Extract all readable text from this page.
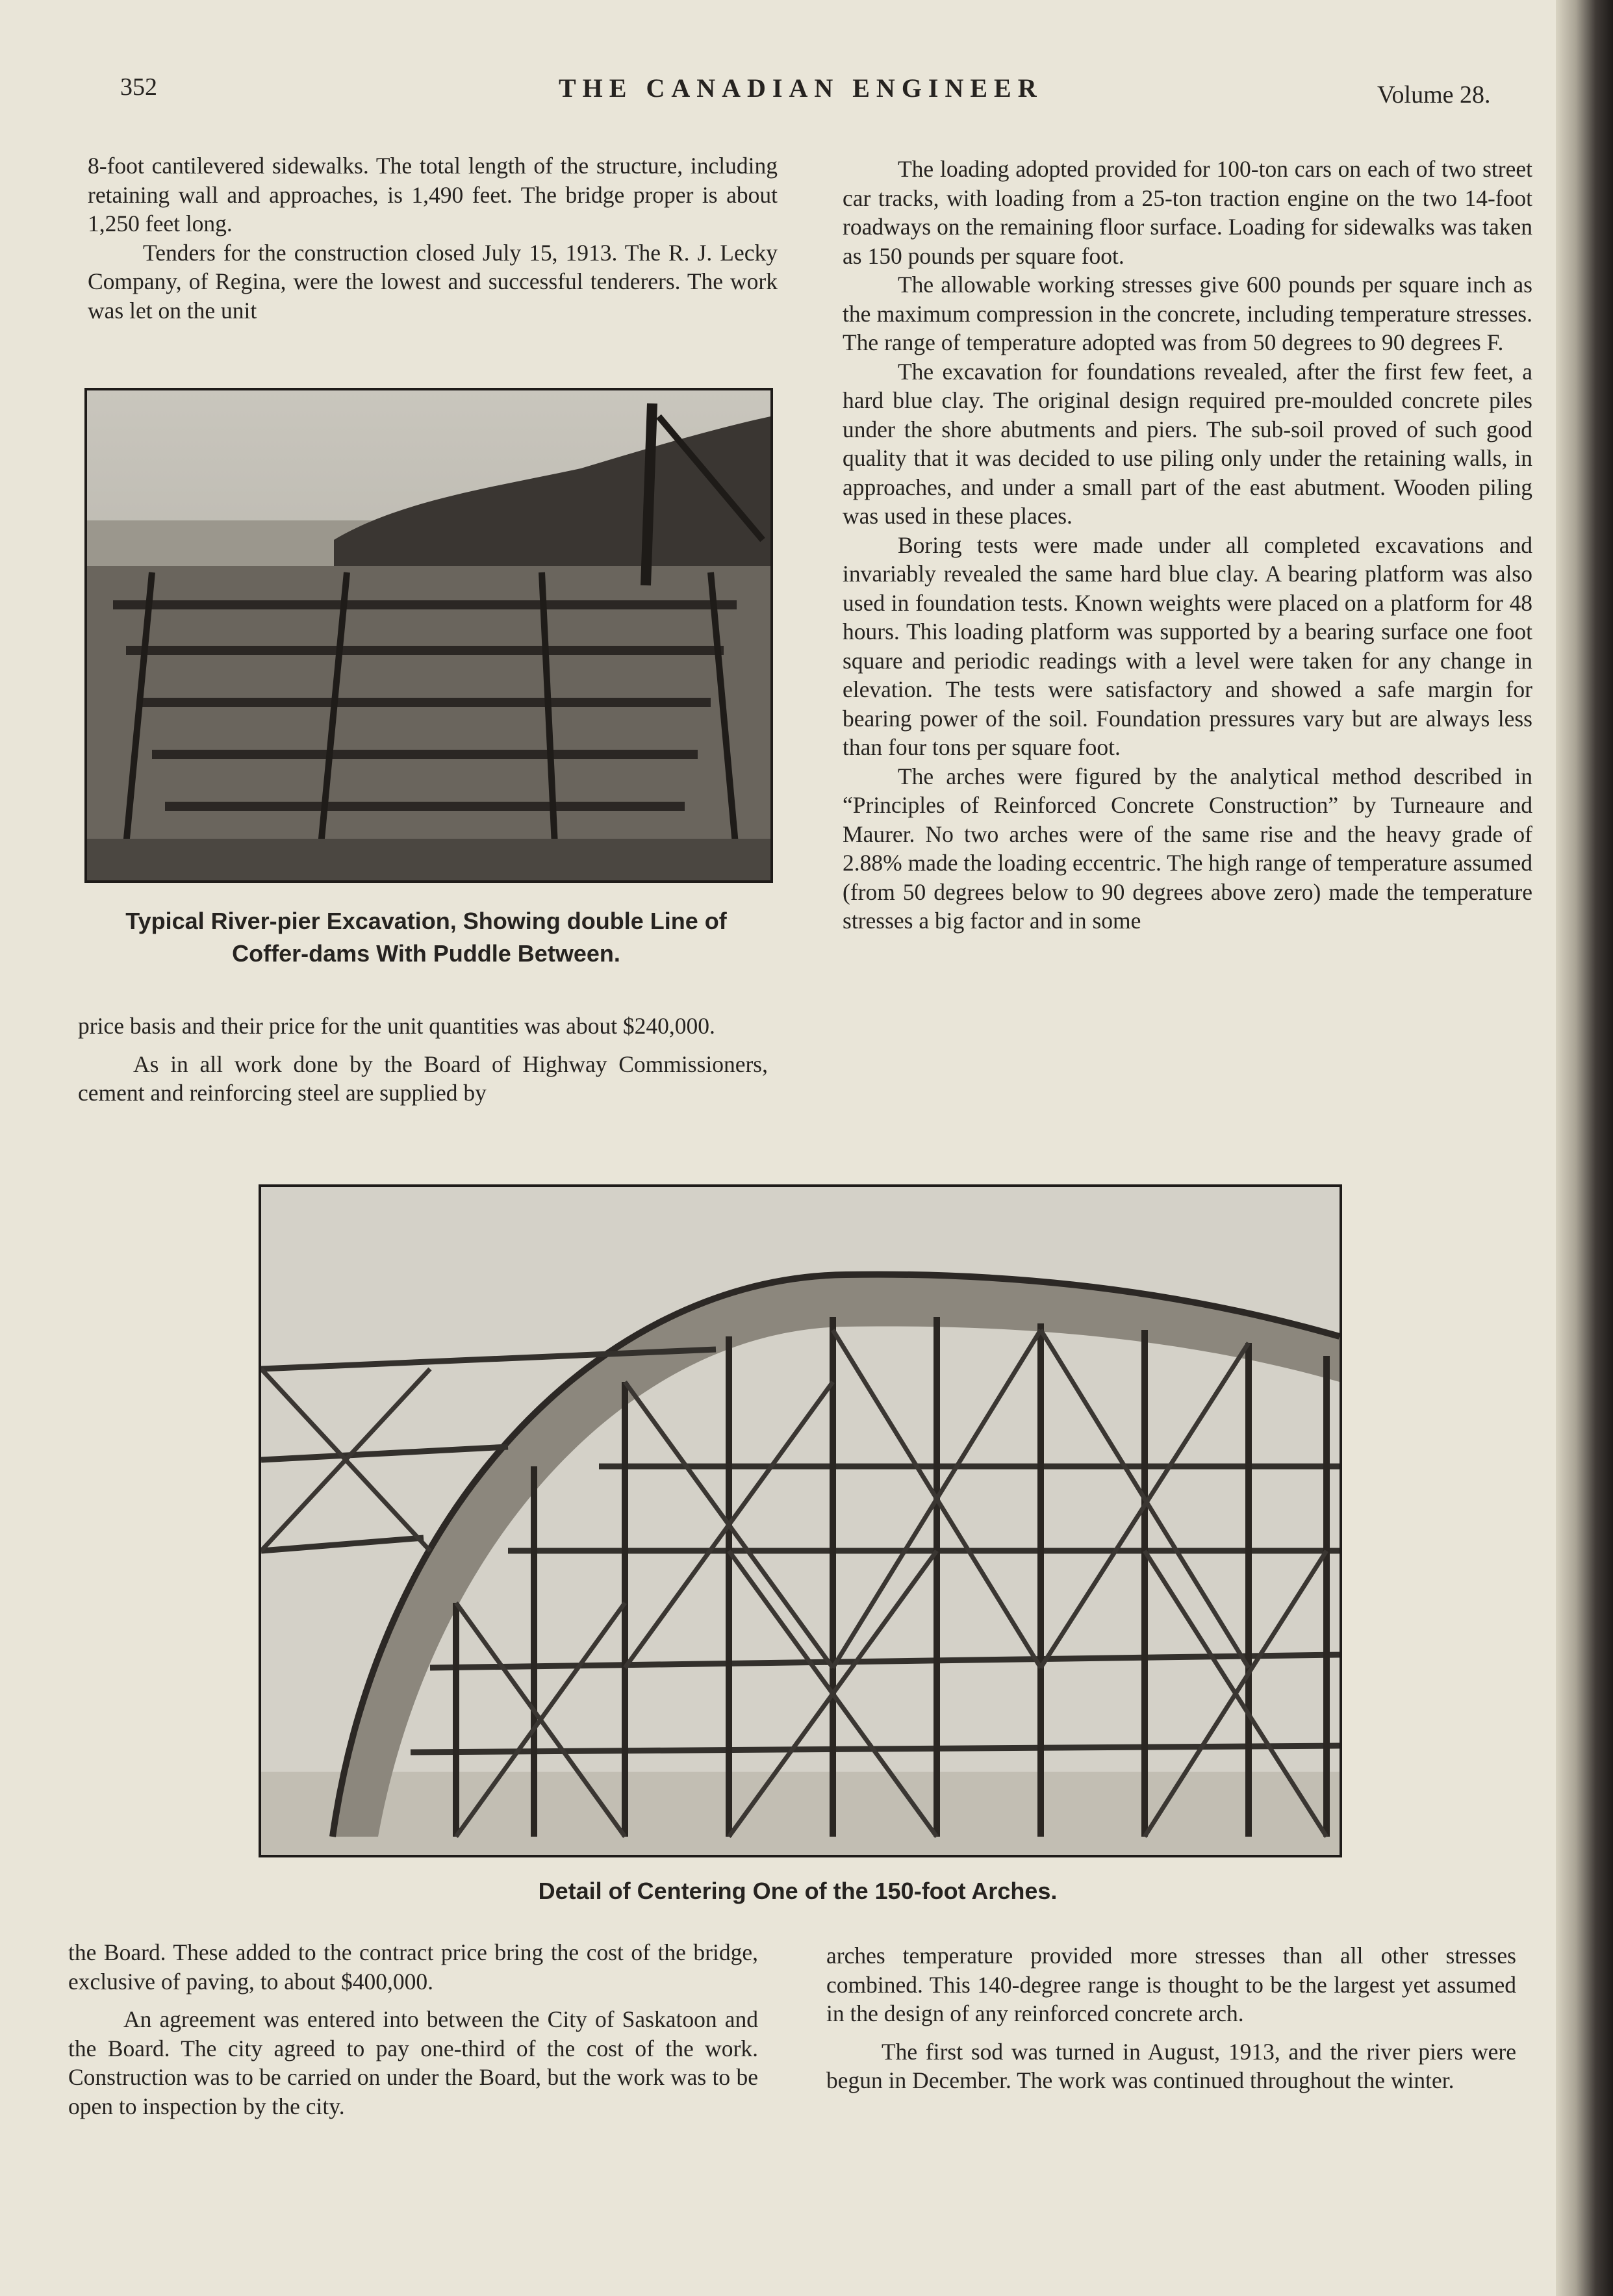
352	THE CANADIAN ENGINEER	Volume 28.

8-foot cantilevered sidewalks. The total length of the structure, including retaining wall and approaches, is 1,490 feet. The bridge proper is about 1,250 feet long.

Tenders for the construction closed July 15, 1913. The R. J. Lecky Company, of Regina, were the lowest and successful tenderers. The work was let on the unit

Typical River-pier Excavation, Showing double Line of
Coffer-dams With Puddle Between.

price basis and their price for the unit quantities was about $240,000.

As in all work done by the Board of Highway Commissioners, cement and reinforcing steel are supplied by

The loading adopted provided for 100-ton cars on each of two street car tracks, with loading from a 25-ton traction engine on the two 14-foot roadways on the remaining floor surface. Loading for sidewalks was taken as 150 pounds per square foot.

The allowable working stresses give 600 pounds per square inch as the maximum compression in the concrete, including temperature stresses. The range of temperature adopted was from 50 degrees to 90 degrees F.

The excavation for foundations revealed, after the first few feet, a hard blue clay. The original design required pre-moulded concrete piles under the shore abutments and piers. The sub-soil proved of such good quality that it was decided to use piling only under the retaining walls, in approaches, and under a small part of the east abutment. Wooden piling was used in these places.

Boring tests were made under all completed excavations and invariably revealed the same hard blue clay. A bearing platform was also used in foundation tests. Known weights were placed on a platform for 48 hours. This loading platform was supported by a bearing surface one foot square and periodic readings with a level were taken for any change in elevation. The tests were satisfactory and showed a safe margin for bearing power of the soil. Foundation pressures vary but are always less than four tons per square foot.

The arches were figured by the analytical method described in “Principles of Reinforced Concrete Construction” by Turneaure and Maurer. No two arches were of the same rise and the heavy grade of 2.88% made the loading eccentric. The high range of temperature assumed (from 50 degrees below to 90 degrees above zero) made the temperature stresses a big factor and in some

Detail of Centering One of the 150-foot Arches.

the Board. These added to the contract price bring the cost of the bridge, exclusive of paving, to about $400,000.

An agreement was entered into between the City of Saskatoon and the Board. The city agreed to pay one-third of the cost of the work. Construction was to be carried on under the Board, but the work was to be open to inspection by the city.

arches temperature provided more stresses than all other stresses combined. This 140-degree range is thought to be the largest yet assumed in the design of any reinforced concrete arch.

The first sod was turned in August, 1913, and the river piers were begun in December. The work was continued throughout the winter.
